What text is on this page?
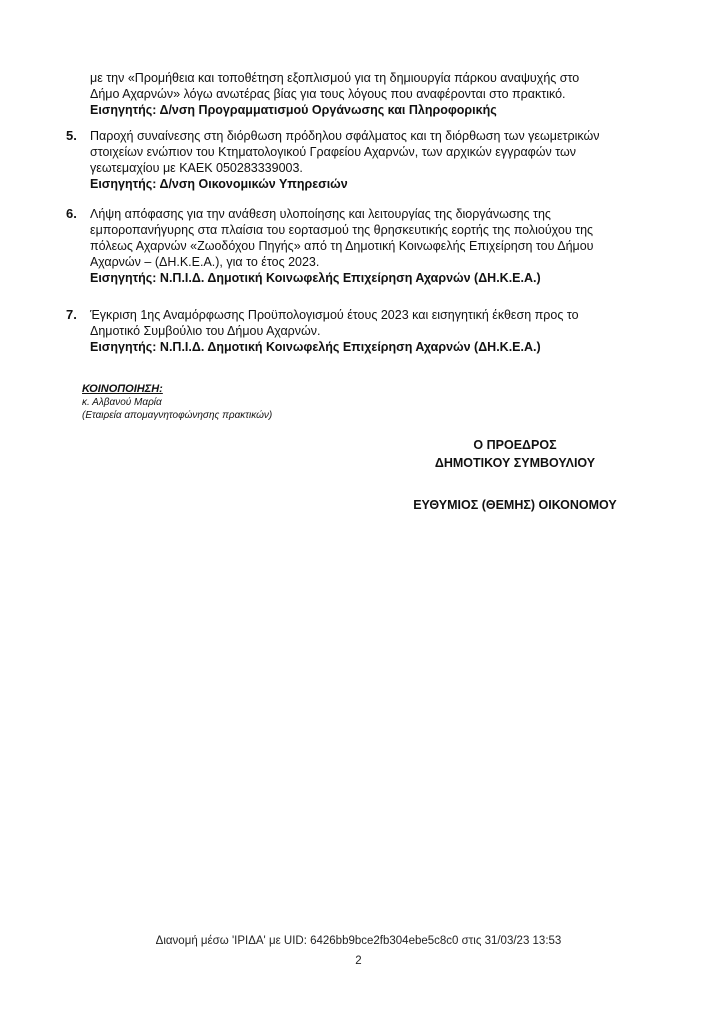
με την «Προμήθεια και τοποθέτηση εξοπλισμού για τη δημιουργία πάρκου αναψυχής στο
Δήμο Αχαρνών» λόγω ανωτέρας βίας για τους λόγους που αναφέρονται στο πρακτικό.
Εισηγητής: Δ/νση Προγραμματισμού Οργάνωσης και Πληροφορικής
5. Παροχή συναίνεσης στη διόρθωση πρόδηλου σφάλματος και τη διόρθωση των γεωμετρικών
στοιχείων ενώπιον του Κτηματολογικού Γραφείου Αχαρνών, των αρχικών εγγραφών των
γεωτεμαχίου με ΚΑΕΚ 050283339003.
Εισηγητής: Δ/νση Οικονομικών Υπηρεσιών
6. Λήψη απόφασης για την ανάθεση υλοποίησης και λειτουργίας της διοργάνωσης της
εμποροπανήγυρης στα πλαίσια του εορτασμού της θρησκευτικής εορτής της πολιούχου της
πόλεως Αχαρνών «Ζωοδόχου Πηγής» από τη Δημοτική Κοινωφελής Επιχείρηση του Δήμου
Αχαρνών – (ΔΗ.Κ.Ε.Α.), για το έτος 2023.
Εισηγητής: Ν.Π.Ι.Δ. Δημοτική Κοινωφελής Επιχείρηση Αχαρνών (ΔΗ.Κ.Ε.Α.)
7. Έγκριση 1ης Αναμόρφωσης Προϋπολογισμού έτους 2023 και εισηγητική έκθεση προς το
Δημοτικό Συμβούλιο του Δήμου Αχαρνών.
Εισηγητής: Ν.Π.Ι.Δ. Δημοτική Κοινωφελής Επιχείρηση Αχαρνών (ΔΗ.Κ.Ε.Α.)
ΚΟΙΝΟΠΟΙΗΣΗ:
κ. Αλβανού Μαρία
(Εταιρεία απομαγνητοφώνησης πρακτικών)
Ο ΠΡΟΕΔΡΟΣ
ΔΗΜΟΤΙΚΟΥ ΣΥΜΒΟΥΛΙΟΥ
ΕΥΘΥΜΙΟΣ (ΘΕΜΗΣ) ΟΙΚΟΝΟΜΟΥ
Διανομή μέσω 'ΙΡΙΔΑ' με UID: 6426bb9bce2fb304ebe5c8c0 στις 31/03/23 13:53
2
